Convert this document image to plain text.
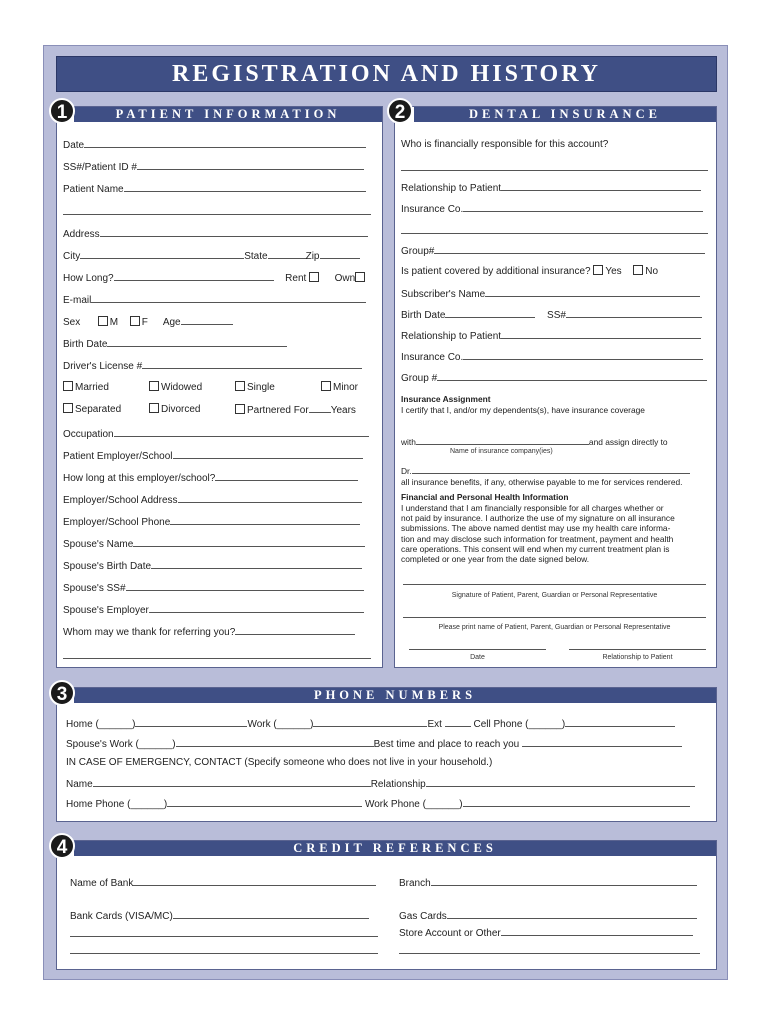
REGISTRATION AND HISTORY
PATIENT INFORMATION
1
Date
SS#/Patient ID #
Patient Name
Address
City	State	Zip
How Long?	Rent	Own
E-mail
Sex	M F Age
Birth Date
Driver's License #
Married	Widowed	Single	Minor
Separated	Divorced	Partnered For Years
Occupation
Patient Employer/School
How long at this employer/school?
Employer/School Address
Employer/School Phone
Spouse's Name
Spouse's Birth Date
Spouse's SS#
Spouse's Employer
Whom may we thank for referring you?
DENTAL INSURANCE
2
Who is financially responsible for this account?
Relationship to Patient
Insurance Co.
Group#
Is patient covered by additional insurance? Yes No
Subscriber's Name
Birth Date	SS#
Relationship to Patient
Insurance Co.
Group #
Insurance Assignment
I certify that I, and/or my dependents(s), have insurance coverage
with	and assign directly to
Name of insurance company(ies)
Dr.
all insurance benefits, if any, otherwise payable to me for services rendered.
Financial and Personal Health Information
I understand that I am financially responsible for all charges whether or
not paid by insurance. I authorize the use of my signature on all insurance
submissions. The above named dentist may use my health care informa-
tion and may disclose such information for treatment, payment and health
care operations. This consent will end when my current treatment plan is
completed or one year from the date signed below.
Signature of Patient, Parent, Guardian or Personal Representative
Please print name of Patient, Parent, Guardian or Personal Representative
Date	Relationship to Patient
PHONE NUMBERS
3
Home (______)	Work (______)	Ext	Cell Phone (______)
Spouse's Work (______)	Best time and place to reach you
IN CASE OF EMERGENCY, CONTACT (Specify someone who does not live in your household.)
Name	Relationship
Home Phone (______)	Work Phone (______)
CREDIT REFERENCES
4
Name of Bank	Branch
Bank Cards (VISA/MC)	Gas Cards
Store Account or Other
